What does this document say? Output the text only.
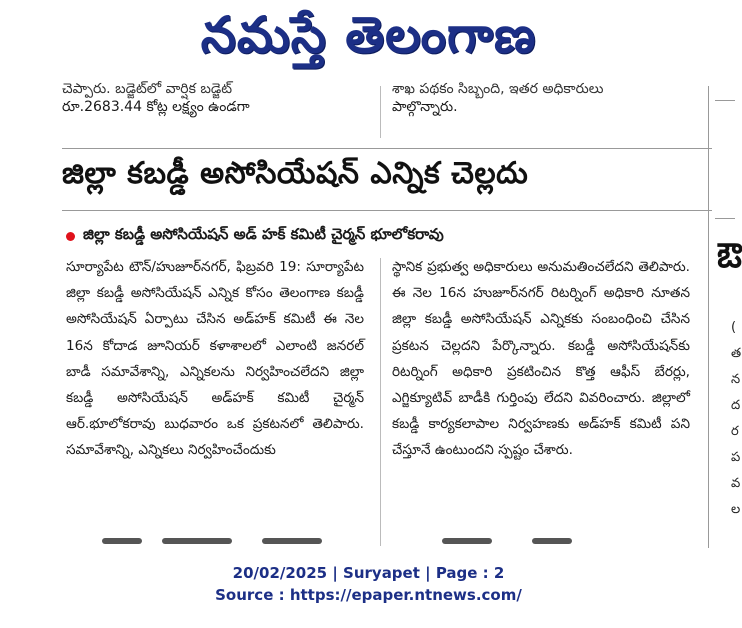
నమస్తే తెలంగాణ
చెప్పారు. బడ్జెట్‌లో వార్షిక బడ్జెట్
రూ.2683.44 కోట్ల లక్ష్యం ఉండగా
శాఖ పథకం సిబ్బంది, ఇతర అధికారులు
పాల్గొన్నారు.
జిల్లా కబడ్డీ అసోసియేషన్ ఎన్నిక చెల్లదు
జిల్లా కబడ్డీ అసోసియేషన్ అడ్ హక్ కమిటీ చైర్మన్ భూలోకరావు
సూర్యాపేట టౌన్/హుజూర్‌నగర్, ఫిబ్రవరి 19: సూర్యాపేట జిల్లా కబడ్డీ అసోసియేషన్ ఎన్నిక కోసం తెలంగాణ కబడ్డీ అసోసియేషన్ ఏర్పాటు చేసిన అడ్‌హక్ కమిటీ ఈ నెల 16న కోదాడ జూనియర్ కళాశాలలో ఎలాంటి జనరల్ బాడీ సమావేశాన్ని, ఎన్నికలను నిర్వహించలేదని జిల్లా కబడ్డీ అసోసియేషన్ అడ్‌హక్ కమిటీ చైర్మన్ ఆర్.భూలోకరావు బుధవారం ఒక ప్రకటనలో తెలిపారు. సమావేశాన్ని, ఎన్నికలు నిర్వహించేందుకు
స్థానిక ప్రభుత్వ అధికారులు అనుమతించలేదని తెలిపారు. ఈ నెల 16న హుజూర్‌నగర్ రిటర్నింగ్ అధికారి నూతన జిల్లా కబడ్డీ అసోసియేషన్ ఎన్నికకు సంబంధించి చేసిన ప్రకటన చెల్లదని పేర్కొన్నారు. కబడ్డీ అసోసియేషన్‌కు రిటర్నింగ్ అధికారి ప్రకటించిన కొత్త ఆఫీస్ బేరర్లు, ఎగ్జిక్యూటివ్ బాడీకి గుర్తింపు లేదని వివరించారు. జిల్లాలో కబడ్డీ కార్యకలాపాల నిర్వహణకు అడ్‌హక్ కమిటీ పని చేస్తూనే ఉంటుందని స్పష్టం చేశారు.
ఔ
(
త
న
ద
ర
ప
వ
ల
20/02/2025 | Suryapet | Page : 2
Source : https://epaper.ntnews.com/
